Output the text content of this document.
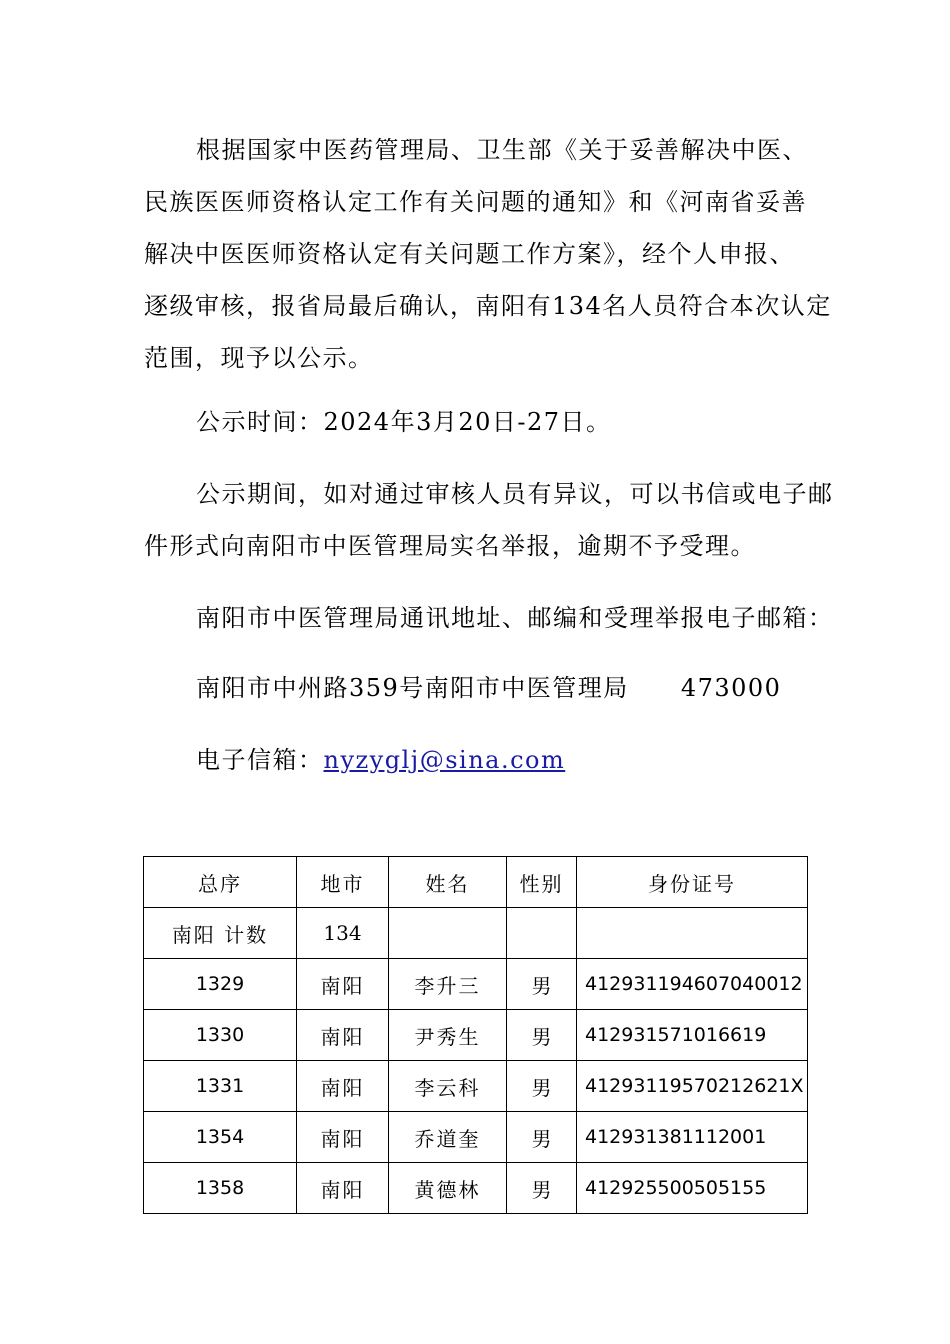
根据国家中医药管理局、卫生部《关于妥善解决中医、
民族医医师资格认定工作有关问题的通知》和《河南省妥善
解决中医医师资格认定有关问题工作方案》，经个人申报、
逐级审核，报省局最后确认，南阳有134名人员符合本次认定
范围，现予以公示。

公示时间：2024年3月20日-27日。

公示期间，如对通过审核人员有异议，可以书信或电子邮
件形式向南阳市中医管理局实名举报，逾期不予受理。

南阳市中医管理局通讯地址、邮编和受理举报电子邮箱：

南阳市中州路359号南阳市中医管理局 473000

电子信箱：nyzyglj@sina.com

总序	地市	姓名	性别	身份证号
南阳 计数	134			
1329	南阳	李升三	男	412931194607040012
1330	南阳	尹秀生	男	412931571016619
1331	南阳	李云科	男	41293119570212621X
1354	南阳	乔道奎	男	412931381112001
1358	南阳	黄德林	男	412925500505155
